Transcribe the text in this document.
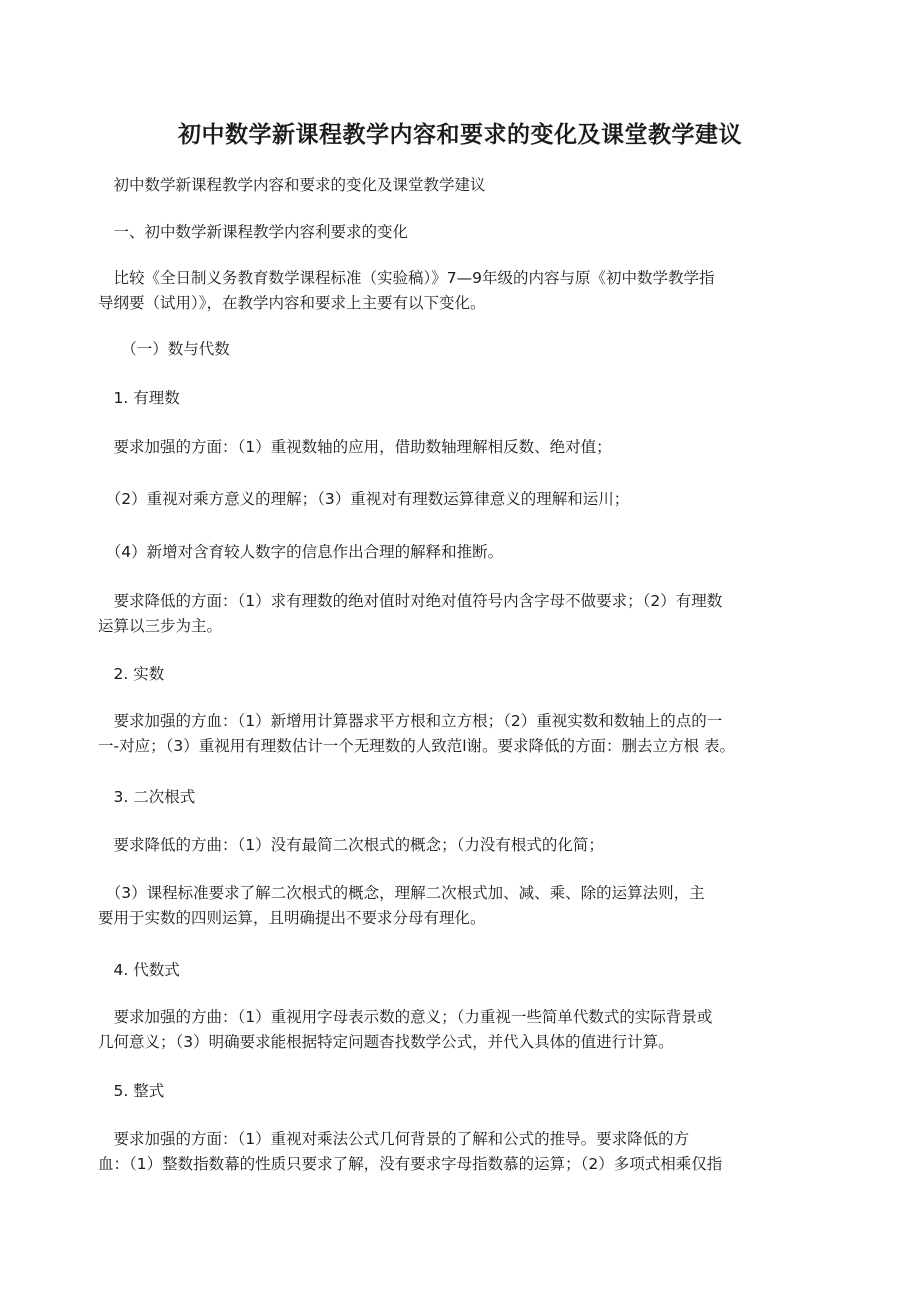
初中数学新课程教学内容和要求的变化及课堂教学建议
　初中数学新课程教学内容和要求的变化及课堂教学建议
　一、初中数学新课程教学内容利要求的变化
　比较《全日制义务教育数学课程标准（实验稿）》7—9年级的内容与原《初中数学教学指
导纲要（试用）》，在教学内容和要求上主要有以下变化。
　　（一）数与代数
　1. 有理数
　要求加强的方面：（1）重视数轴的应用，借助数轴理解相反数、绝对值；
　（2）重视对乘方意义的理解；（3）重视对有理数运算律意义的理解和运川；
　（4）新增对含育较人数字的信息作出合理的解释和推断。
　要求降低的方面：（1）求有理数的绝对值时对绝对值符号内含字母不做要求；（2）有理数
运算以三步为主。
　2. 实数
　要求加强的方血：（1）新增用计算器求平方根和立方根；（2）重视实数和数轴上的点的一
一-对应；（3）重视用有理数估计一个无理数的人致范l谢。要求降低的方面：删去立方根 表。
　3. 二次根式
　要求降低的方曲：（1）没有最简二次根式的概念；（力没有根式的化简；
　（3）课程标准要求了解二次根式的概念，理解二次根式加、减、乘、除的运算法则，主
要用于实数的四则运算，且明确提出不要求分母有理化。
　4. 代数式
　要求加强的方曲：（1）重视用字母表示数的意义；（力重视一些简单代数式的实际背景或
几何意义；（3）明确要求能根据特定问题杳找数学公式，并代入具体的值进行计算。
　5. 整式
　要求加强的方面：（1）重视对乘法公式几何背景的了解和公式的推导。要求降低的方
血：（1）整数指数幕的性质只要求了解，没有要求字母指数慕的运算；（2）多项式相乘仅指
